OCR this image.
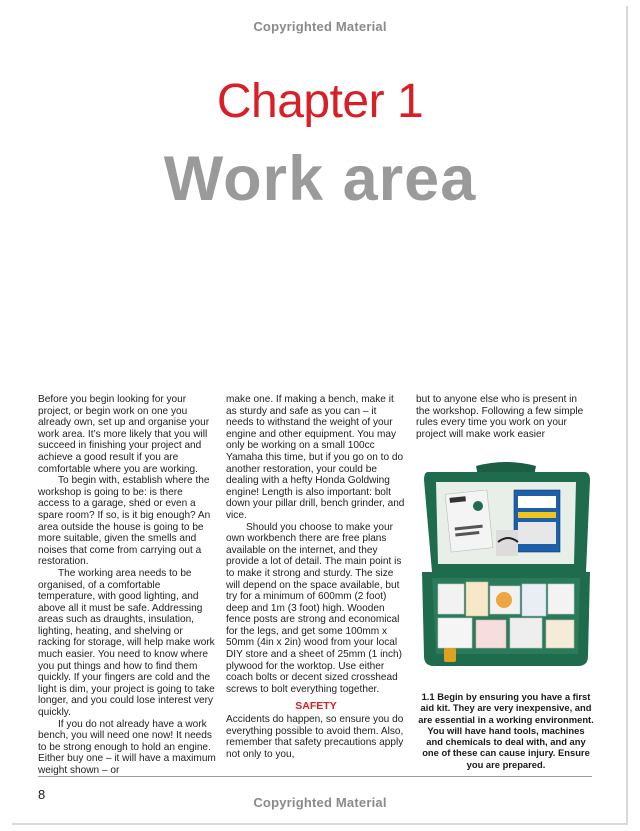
Copyrighted Material
Chapter 1
Work area

Before you begin looking for your project, or begin work on one you already own, set up and organise your work area. It’s more likely that you will succeed in finishing your project and achieve a good result if you are comfortable where you are working.

To begin with, establish where the workshop is going to be: is there access to a garage, shed or even a spare room? If so, is it big enough? An area outside the house is going to be more suitable, given the smells and noises that come from carrying out a restoration.

The working area needs to be organised, of a comfortable temperature, with good lighting, and above all it must be safe. Addressing areas such as draughts, insulation, lighting, heating, and shelving or racking for storage, will help make work much easier. You need to know where you put things and how to find them quickly. If your fingers are cold and the light is dim, your project is going to take longer, and you could lose interest very quickly.

If you do not already have a work bench, you will need one now! It needs to be strong enough to hold an engine. Either buy one – it will have a maximum weight shown – or

make one. If making a bench, make it as sturdy and safe as you can – it needs to withstand the weight of your engine and other equipment. You may only be working on a small 100cc Yamaha this time, but if you go on to do another restoration, your could be dealing with a hefty Honda Goldwing engine! Length is also important: bolt down your pillar drill, bench grinder, and vice.

Should you choose to make your own workbench there are free plans available on the internet, and they provide a lot of detail. The main point is to make it strong and sturdy. The size will depend on the space available, but try for a minimum of 600mm (2 foot) deep and 1m (3 foot) high. Wooden fence posts are strong and economical for the legs, and get some 100mm x 50mm (4in x 2in) wood from your local DIY store and a sheet of 25mm (1 inch) plywood for the worktop. Use either coach bolts or decent sized crosshead screws to bolt everything together.

SAFETY

Accidents do happen, so ensure you do everything possible to avoid them. Also, remember that safety precautions apply not only to you,

but to anyone else who is present in the workshop. Following a few simple rules every time you work on your project will make work easier

1.1 Begin by ensuring you have a first aid kit. They are very inexpensive, and are essential in a working environment. You will have hand tools, machines and chemicals to deal with, and any one of these can cause injury. Ensure you are prepared.
8
Copyrighted Material
